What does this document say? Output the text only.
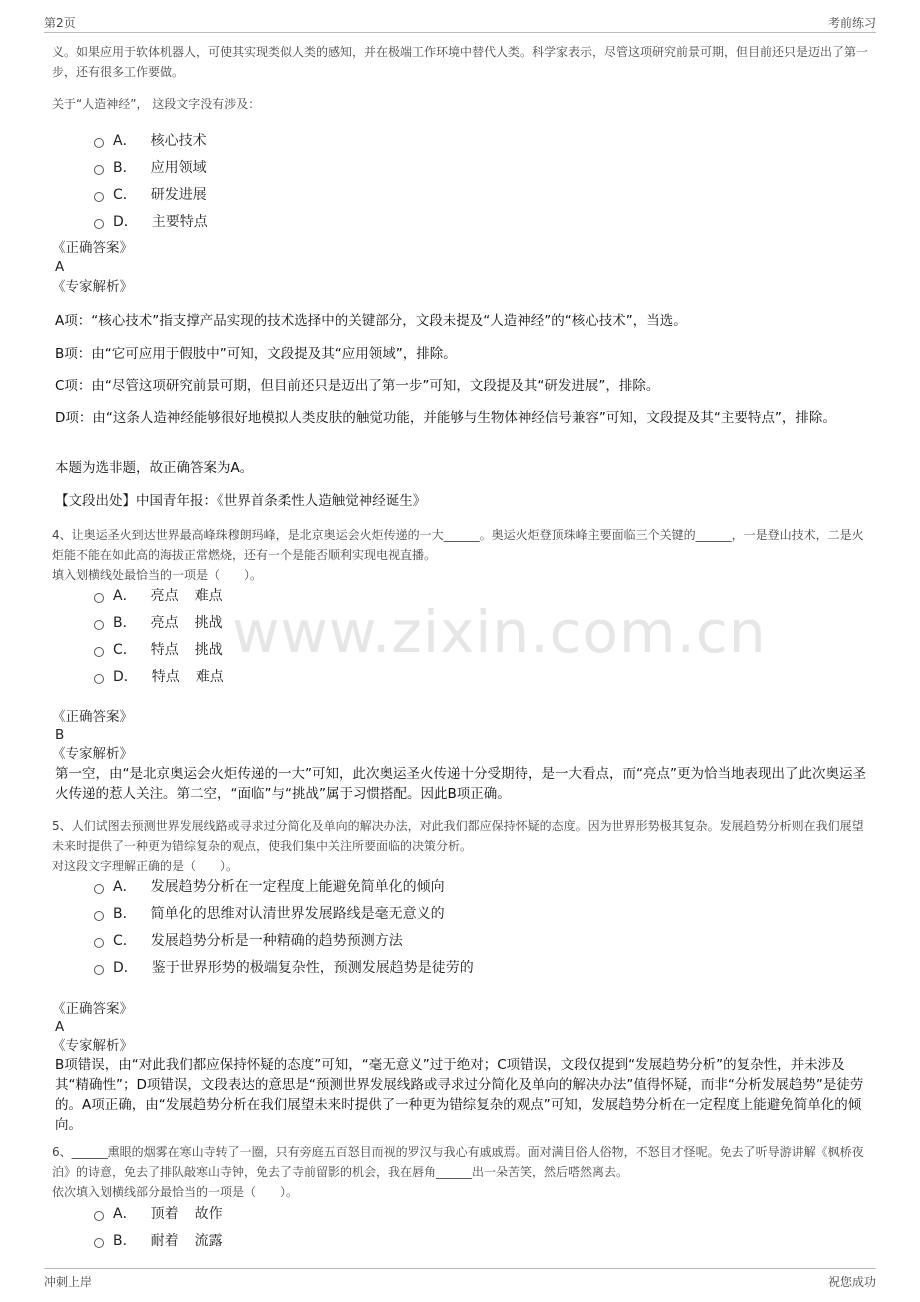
第2页	考前练习
www.zixin.com.cn
义。如果应用于软体机器人，可使其实现类似人类的感知，并在极端工作环境中替代人类。科学家表示，尽管这项研究前景可期，但目前还只是迈出了第一步，还有很多工作要做。
关于“人造神经”， 这段文字没有涉及：
A． 核心技术
B． 应用领域
C． 研发进展
D． 主要特点
《正确答案》
A
《专家解析》
A项：“核心技术”指支撑产品实现的技术选择中的关键部分，文段未提及“人造神经”的“核心技术”，当选。
B项：由“它可应用于假肢中”可知，文段提及其“应用领域”，排除。
C项：由“尽管这项研究前景可期，但目前还只是迈出了第一步”可知，文段提及其“研发进展”，排除。
D项：由“这条人造神经能够很好地模拟人类皮肤的触觉功能，并能够与生物体神经信号兼容”可知，文段提及其“主要特点”，排除。
本题为选非题，故正确答案为A。
【文段出处】中国青年报：《世界首条柔性人造触觉神经诞生》
4、让奥运圣火到达世界最高峰珠穆朗玛峰，是北京奥运会火炬传递的一大______。奥运火炬登顶珠峰主要面临三个关键的______，一是登山技术，二是火炬能不能在如此高的海拔正常燃烧，还有一个是能否顺利实现电视直播。
填入划横线处最恰当的一项是（　　）。
A． 亮点 难点
B． 亮点 挑战
C． 特点 挑战
D． 特点 难点
《正确答案》
B
《专家解析》
第一空，由“是北京奥运会火炬传递的一大”可知，此次奥运圣火传递十分受期待，是一大看点，而“亮点”更为恰当地表现出了此次奥运圣火传递的惹人关注。第二空，“面临”与“挑战”属于习惯搭配。因此B项正确。
5、人们试图去预测世界发展线路或寻求过分简化及单向的解决办法，对此我们都应保持怀疑的态度。因为世界形势极其复杂。发展趋势分析则在我们展望未来时提供了一种更为错综复杂的观点，使我们集中关注所要面临的决策分析。
对这段文字理解正确的是（　　）。
A． 发展趋势分析在一定程度上能避免简单化的倾向
B． 简单化的思维对认清世界发展路线是毫无意义的
C． 发展趋势分析是一种精确的趋势预测方法
D． 鉴于世界形势的极端复杂性，预测发展趋势是徒劳的
《正确答案》
A
《专家解析》
B项错误，由“对此我们都应保持怀疑的态度”可知，“毫无意义”过于绝对；C项错误，文段仅提到“发展趋势分析”的复杂性，并未涉及其“精确性”；D项错误，文段表达的意思是“预测世界发展线路或寻求过分简化及单向的解决办法”值得怀疑，而非“分析发展趋势”是徒劳的。A项正确，由“发展趋势分析在我们展望未来时提供了一种更为错综复杂的观点”可知，发展趋势分析在一定程度上能避免简单化的倾向。
6、______熏眼的烟雾在寒山寺转了一圈，只有旁庭五百怒目而视的罗汉与我心有戚戚焉。面对满目俗人俗物，不怒目才怪呢。免去了听导游讲解《枫桥夜泊》的诗意，免去了排队敲寒山寺钟，免去了寺前留影的机会，我在唇角______出一朵苦笑，然后嗒然离去。
依次填入划横线部分最恰当的一项是（　　）。
A． 顶着 故作
B． 耐着 流露
冲刺上岸	祝您成功
